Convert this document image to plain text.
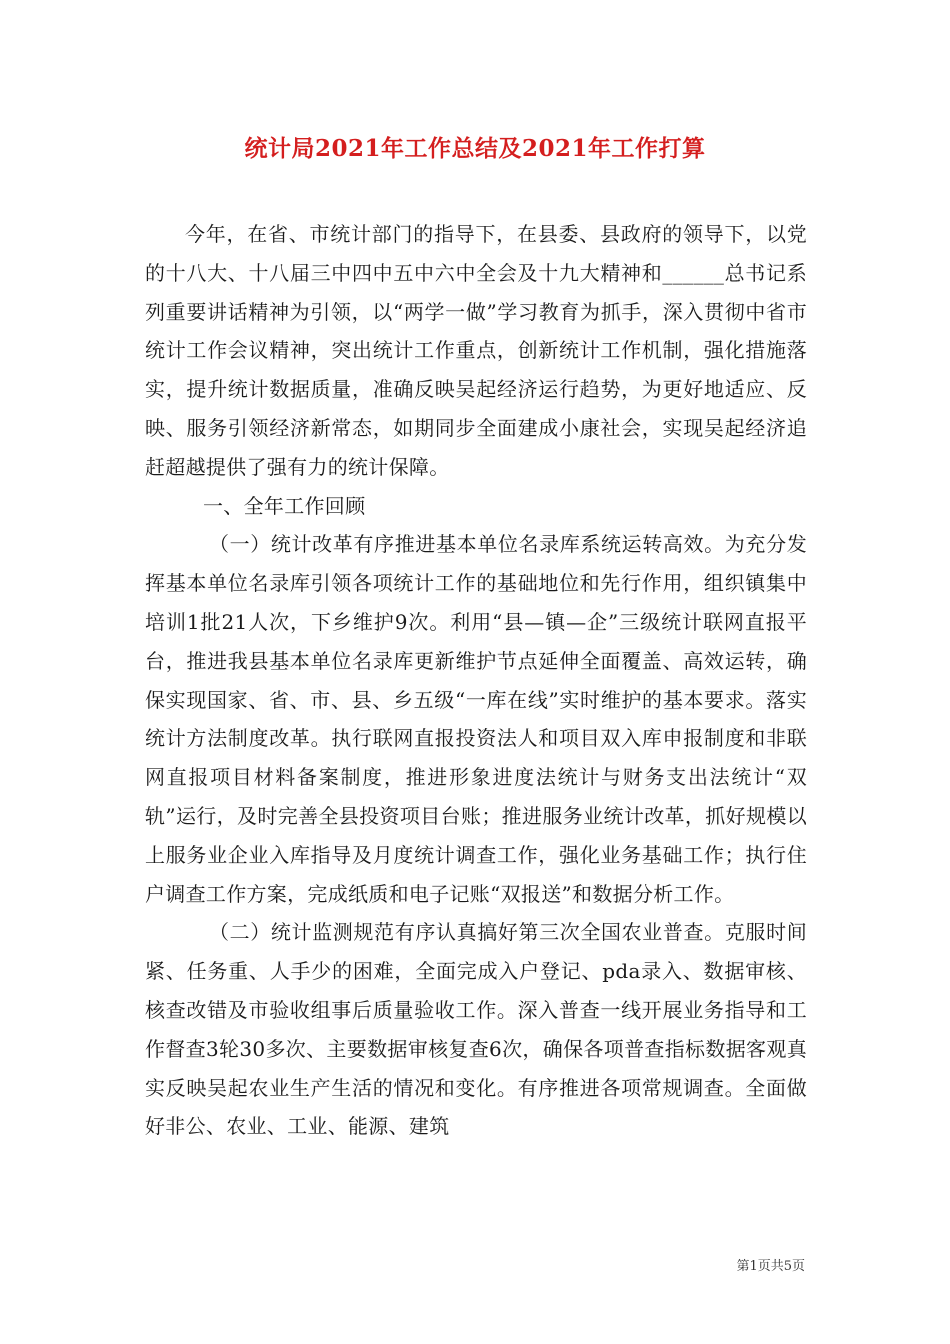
统计局2021年工作总结及2021年工作打算

今年，在省、市统计部门的指导下，在县委、县政府的领导下，以党的十八大、十八届三中四中五中六中全会及十九大精神和______总书记系列重要讲话精神为引领，以“两学一做”学习教育为抓手，深入贯彻中省市统计工作会议精神，突出统计工作重点，创新统计工作机制，强化措施落实，提升统计数据质量，准确反映吴起经济运行趋势，为更好地适应、反映、服务引领经济新常态，如期同步全面建成小康社会，实现吴起经济追赶超越提供了强有力的统计保障。

一、全年工作回顾

（一）统计改革有序推进基本单位名录库系统运转高效。为充分发挥基本单位名录库引领各项统计工作的基础地位和先行作用，组织镇集中培训1批21人次，下乡维护9次。利用“县—镇—企”三级统计联网直报平台，推进我县基本单位名录库更新维护节点延伸全面覆盖、高效运转，确保实现国家、省、市、县、乡五级“一库在线”实时维护的基本要求。落实统计方法制度改革。执行联网直报投资法人和项目双入库申报制度和非联网直报项目材料备案制度，推进形象进度法统计与财务支出法统计“双轨”运行，及时完善全县投资项目台账；推进服务业统计改革，抓好规模以上服务业企业入库指导及月度统计调查工作，强化业务基础工作；执行住户调查工作方案，完成纸质和电子记账“双报送”和数据分析工作。

（二）统计监测规范有序认真搞好第三次全国农业普查。克服时间紧、任务重、人手少的困难，全面完成入户登记、pda录入、数据审核、核查改错及市验收组事后质量验收工作。深入普查一线开展业务指导和工作督查3轮30多次、主要数据审核复查6次，确保各项普查指标数据客观真实反映吴起农业生产生活的情况和变化。有序推进各项常规调查。全面做好非公、农业、工业、能源、建筑

第1页共5页
